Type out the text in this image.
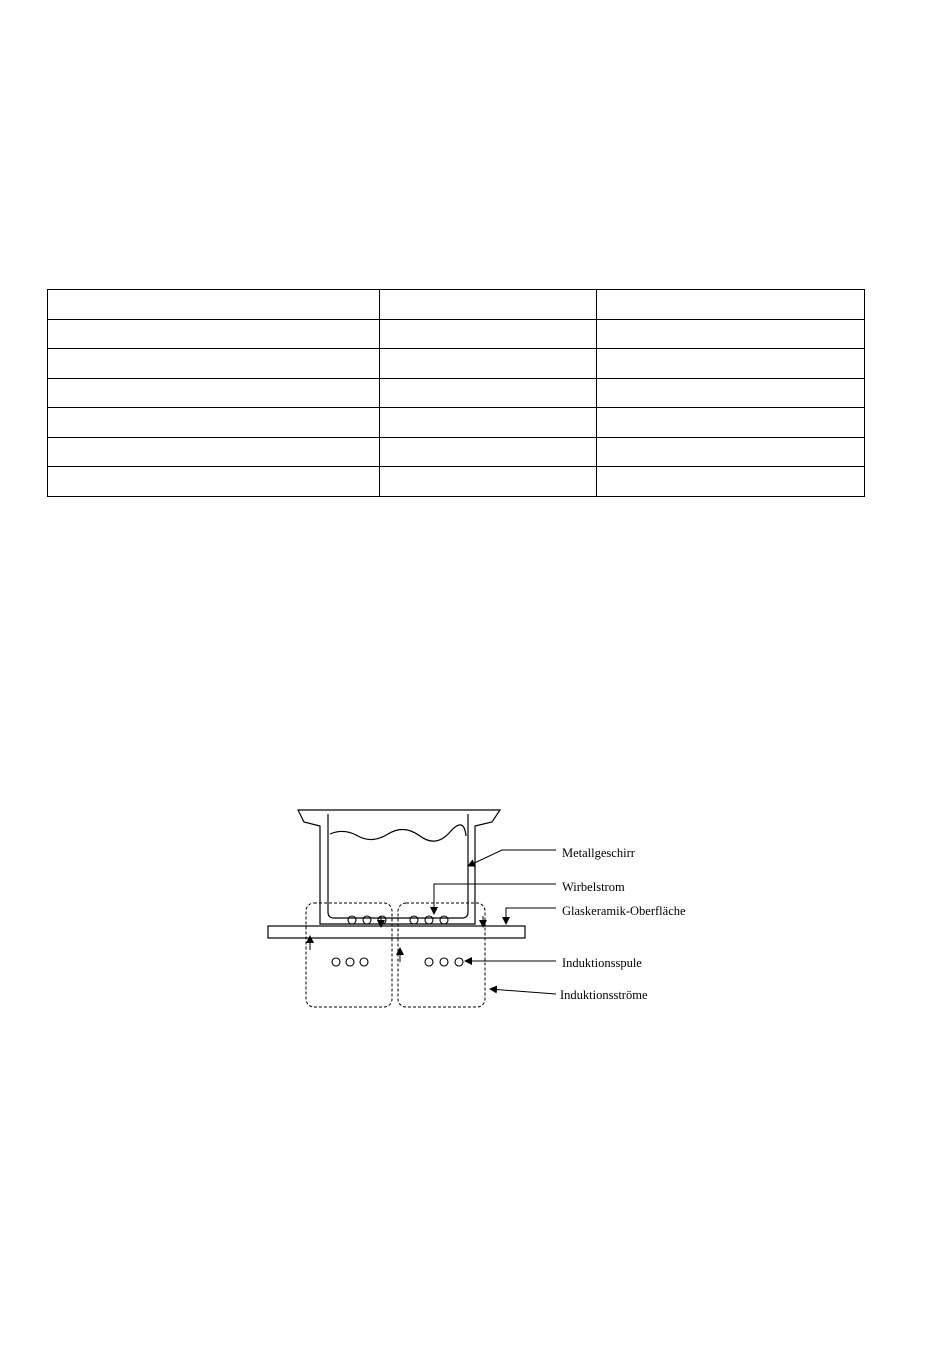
Metallgeschirr
Wirbelstrom
Glaskeramik-Oberfläche
Induktionsspule
Induktionsströme
